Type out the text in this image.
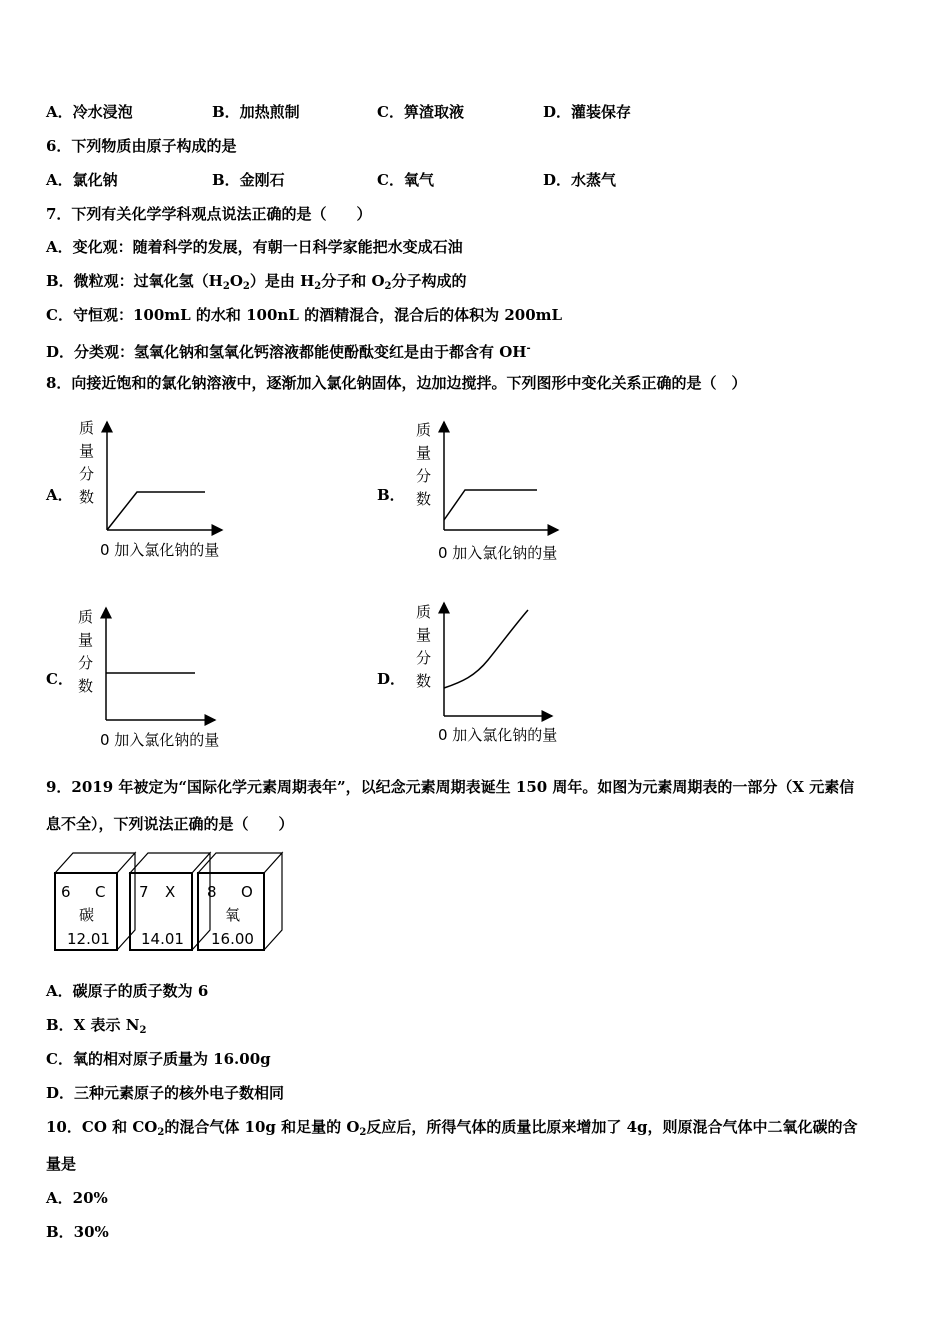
A．冷水浸泡	B．加热煎制	C．箅渣取液	D．灌装保存
6．下列物质由原子构成的是
A．氯化钠	B．金刚石	C．氧气	D．水蒸气
7．下列有关化学学科观点说法正确的是（　　）
A．变化观：随着科学的发展，有朝一日科学家能把水变成石油
B．微粒观：过氧化氢$(H_2O_2)$是由 $H_2$分子和 $O_2$分子构成的
C．守恒观：100mL 的水和 100nL 的酒精混合，混合后的体积为 200mL
D．分类观：氢氧化钠和氢氧化钙溶液都能使酚酞变红是由于都含有 OH-
8．向接近饱和的氯化钠溶液中，逐渐加入氯化钠固体，边加边搅拌。下列图形中变化关系正确的是（　）
A．	B．
C．	D．
质
量
分
数
0 加入氯化钠的量
质
量
分
数
0 加入氯化钠的量
质
量
分
数
0 加入氯化钠的量
质
量
分
数
0 加入氯化钠的量
9．2019 年被定为“国际化学元素周期表年”，以纪念元素周期表诞生 150 周年。如图为元素周期表的一部分（X 元素信
息不全），下列说法正确的是（　　）
6 C
碳
12.01
7 X
14.01
8 O
氧
16.00
A．碳原子的质子数为 6
B．X 表示 $N_2$
C．氧的相对原子质量为 16.00g
D．三种元素原子的核外电子数相同
10．CO 和 $CO_2$的混合气体 10g 和足量的 $O_2$反应后，所得气体的质量比原来增加了 4g，则原混合气体中二氧化碳的含
量是
A．20%
B．30%
